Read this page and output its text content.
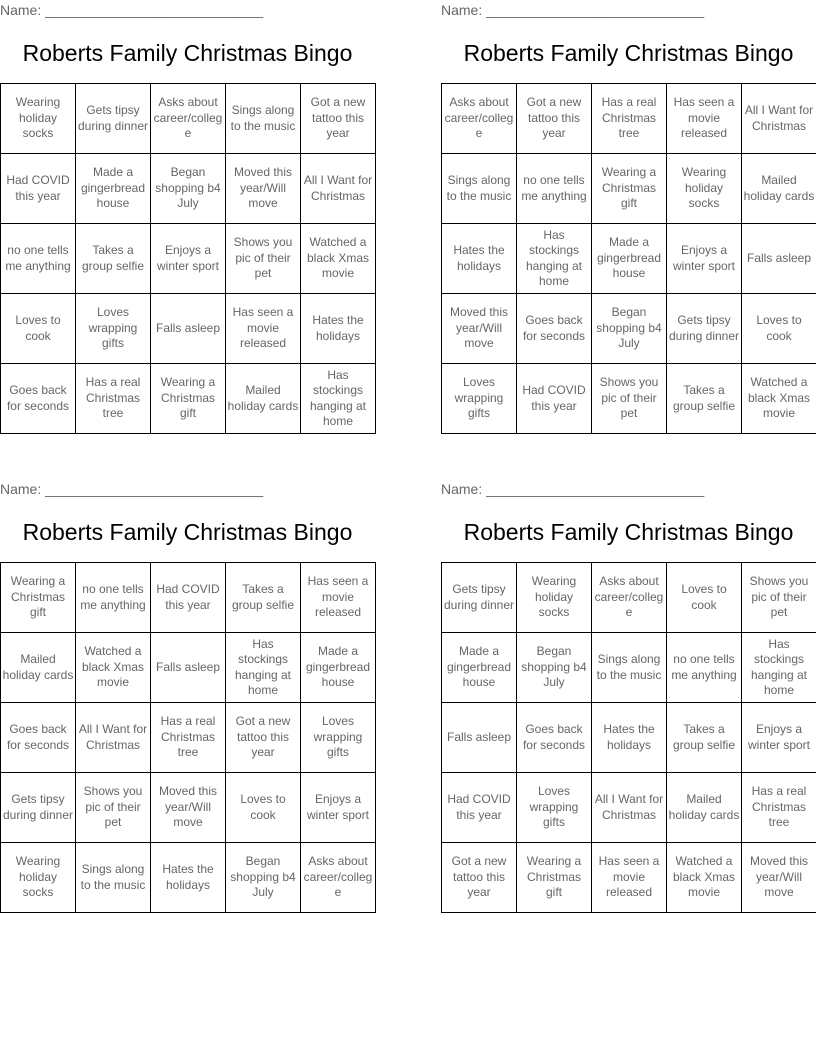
Name: ____________________________
Roberts Family Christmas Bingo
Wearing holiday socks
Gets tipsy during dinner
Asks about career/college
Sings along to the music
Got a new tattoo this year
Had COVID this year
Made a gingerbread house
Began shopping b4 July
Moved this year/Will move
All I Want for Christmas
no one tells me anything
Takes a group selfie
Enjoys a winter sport
Shows you pic of their pet
Watched a black Xmas movie
Loves to cook
Loves wrapping gifts
Falls asleep
Has seen a movie released
Hates the holidays
Goes back for seconds
Has a real Christmas tree
Wearing a Christmas gift
Mailed holiday cards
Has stockings hanging at home
Name: ____________________________
Roberts Family Christmas Bingo
Asks about career/college
Got a new tattoo this year
Has a real Christmas tree
Has seen a movie released
All I Want for Christmas
Sings along to the music
no one tells me anything
Wearing a Christmas gift
Wearing holiday socks
Mailed holiday cards
Hates the holidays
Has stockings hanging at home
Made a gingerbread house
Enjoys a winter sport
Falls asleep
Moved this year/Will move
Goes back for seconds
Began shopping b4 July
Gets tipsy during dinner
Loves to cook
Loves wrapping gifts
Had COVID this year
Shows you pic of their pet
Takes a group selfie
Watched a black Xmas movie
Name: ____________________________
Roberts Family Christmas Bingo
Wearing a Christmas gift
no one tells me anything
Had COVID this year
Takes a group selfie
Has seen a movie released
Mailed holiday cards
Watched a black Xmas movie
Falls asleep
Has stockings hanging at home
Made a gingerbread house
Goes back for seconds
All I Want for Christmas
Has a real Christmas tree
Got a new tattoo this year
Loves wrapping gifts
Gets tipsy during dinner
Shows you pic of their pet
Moved this year/Will move
Loves to cook
Enjoys a winter sport
Wearing holiday socks
Sings along to the music
Hates the holidays
Began shopping b4 July
Asks about career/college
Name: ____________________________
Roberts Family Christmas Bingo
Gets tipsy during dinner
Wearing holiday socks
Asks about career/college
Loves to cook
Shows you pic of their pet
Made a gingerbread house
Began shopping b4 July
Sings along to the music
no one tells me anything
Has stockings hanging at home
Falls asleep
Goes back for seconds
Hates the holidays
Takes a group selfie
Enjoys a winter sport
Had COVID this year
Loves wrapping gifts
All I Want for Christmas
Mailed holiday cards
Has a real Christmas tree
Got a new tattoo this year
Wearing a Christmas gift
Has seen a movie released
Watched a black Xmas movie
Moved this year/Will move
